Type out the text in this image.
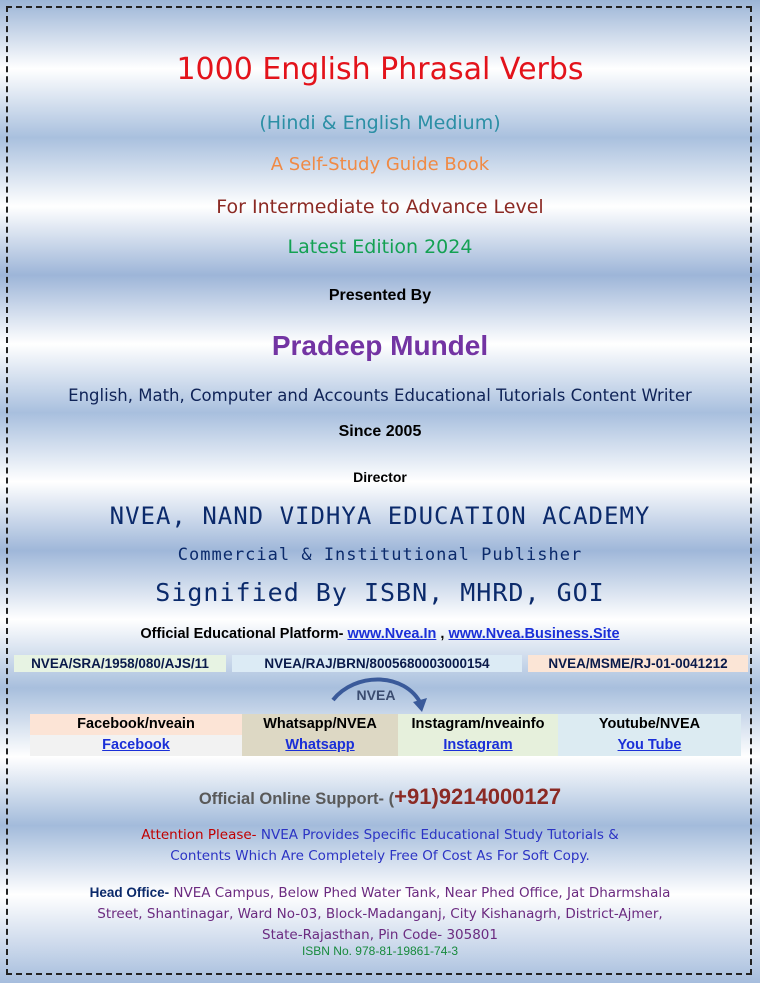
1000 English Phrasal Verbs
(Hindi & English Medium)
A Self-Study Guide Book
For Intermediate to Advance Level
Latest Edition 2024
Presented By
Pradeep Mundel
English, Math, Computer and Accounts Educational Tutorials Content Writer
Since 2005
Director
NVEA, NAND VIDHYA EDUCATION ACADEMY
Commercial & Institutional Publisher
Signified By ISBN, MHRD, GOI
Official Educational Platform- www.Nvea.In , www.Nvea.Business.Site
NVEA/SRA/1958/080/AJS/11	NVEA/RAJ/BRN/8005680003000154	NVEA/MSME/RJ-01-0041212
NVEA
Facebook/nveain
Facebook
Whatsapp/NVEA
Whatsapp
Instagram/nveainfo
Instagram
Youtube/NVEA
You Tube
Official Online Support- (+91)9214000127
Attention Please- NVEA Provides Specific Educational Study Tutorials &
Contents Which Are Completely Free Of Cost As For Soft Copy.
Head Office- NVEA Campus, Below Phed Water Tank, Near Phed Office, Jat Dharmshala
Street, Shantinagar, Ward No-03, Block-Madanganj, City Kishanagrh, District-Ajmer,
State-Rajasthan, Pin Code- 305801
ISBN No. 978-81-19861-74-3
